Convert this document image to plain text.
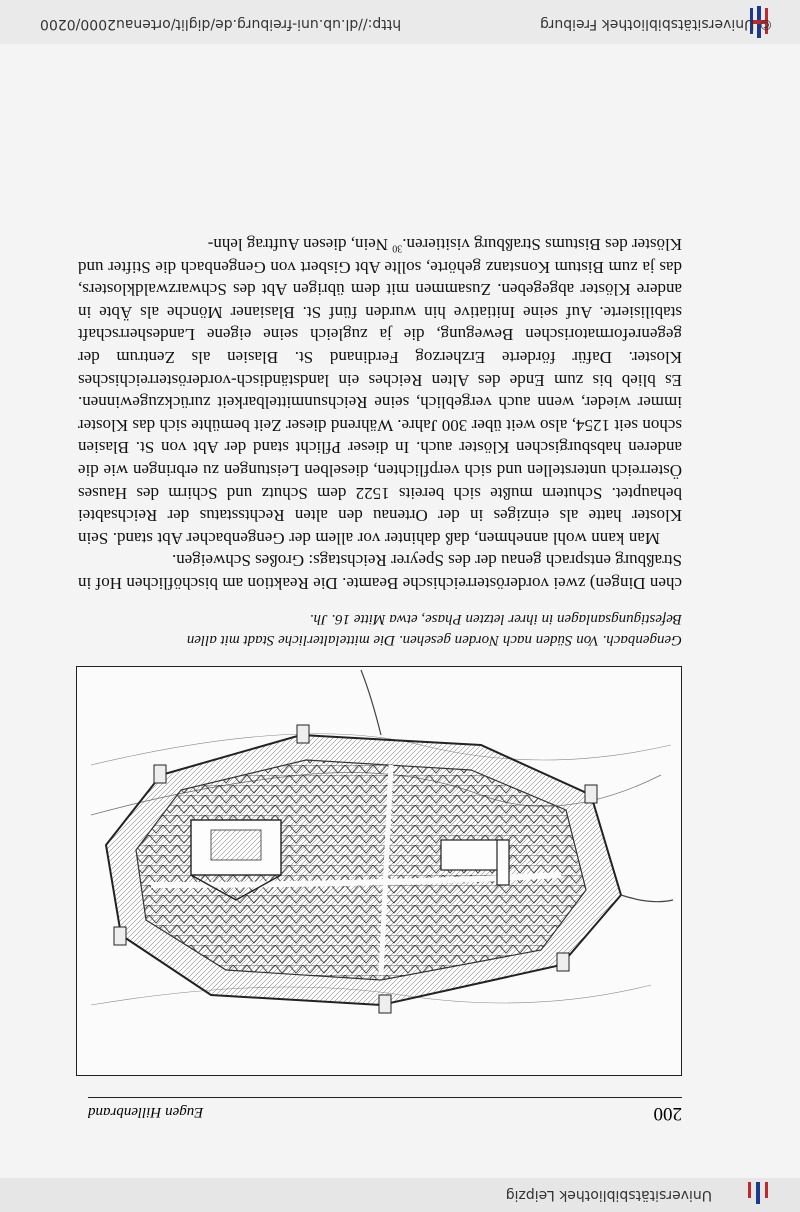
Universitätsbibliothek Leipzig
© Universitätsbibliothek Freiburg
http://dl.ub.uni-freiburg.de/diglit/ortenau2000/0200
200
Eugen Hillenbrand
Gengenbach. Von Süden nach Norden gesehen. Die mittelalterliche Stadt mit allen Befestigungsanlagen in ihrer letzten Phase, etwa Mitte 16. Jh.

chen Dingen) zwei vorderösterreichische Beamte. Die Reaktion am bischöflichen Hof in Straßburg entsprach genau der des Speyrer Reichstags: Großes Schweigen.

Man kann wohl annehmen, daß dahinter vor allem der Gengenbacher Abt stand. Sein Kloster hatte als einziges in der Ortenau den alten Rechtsstatus der Reichsabtei behauptet. Schutern mußte sich bereits 1522 dem Schutz und Schirm des Hauses Österreich unterstellen und sich verpflichten, dieselben Leistungen zu erbringen wie die anderen habsburgischen Klöster auch. In dieser Pflicht stand der Abt von St. Blasien schon seit 1254, also weit über 300 Jahre. Während dieser Zeit bemühte sich das Kloster immer wieder, wenn auch vergeblich, seine Reichsunmittelbarkeit zurückzugewinnen. Es blieb bis zum Ende des Alten Reiches ein landständisch-vorderösterreichisches Kloster. Dafür förderte Erzherzog Ferdinand St. Blasien als Zentrum der gegenreformatorischen Bewegung, die ja zugleich seine eigene Landesherrschaft stabilisierte. Auf seine Initiative hin wurden fünf St. Blasianer Mönche als Äbte in andere Klöster abgegeben. Zusammen mit dem übrigen Abt des Schwarzwaldklosters, das ja zum Bistum Konstanz gehörte, sollte Abt Gisbert von Gengenbach die Stifter und Klöster des Bistums Straßburg visitieren.$^{30}$ Nein, diesen Auftrag lehn-
